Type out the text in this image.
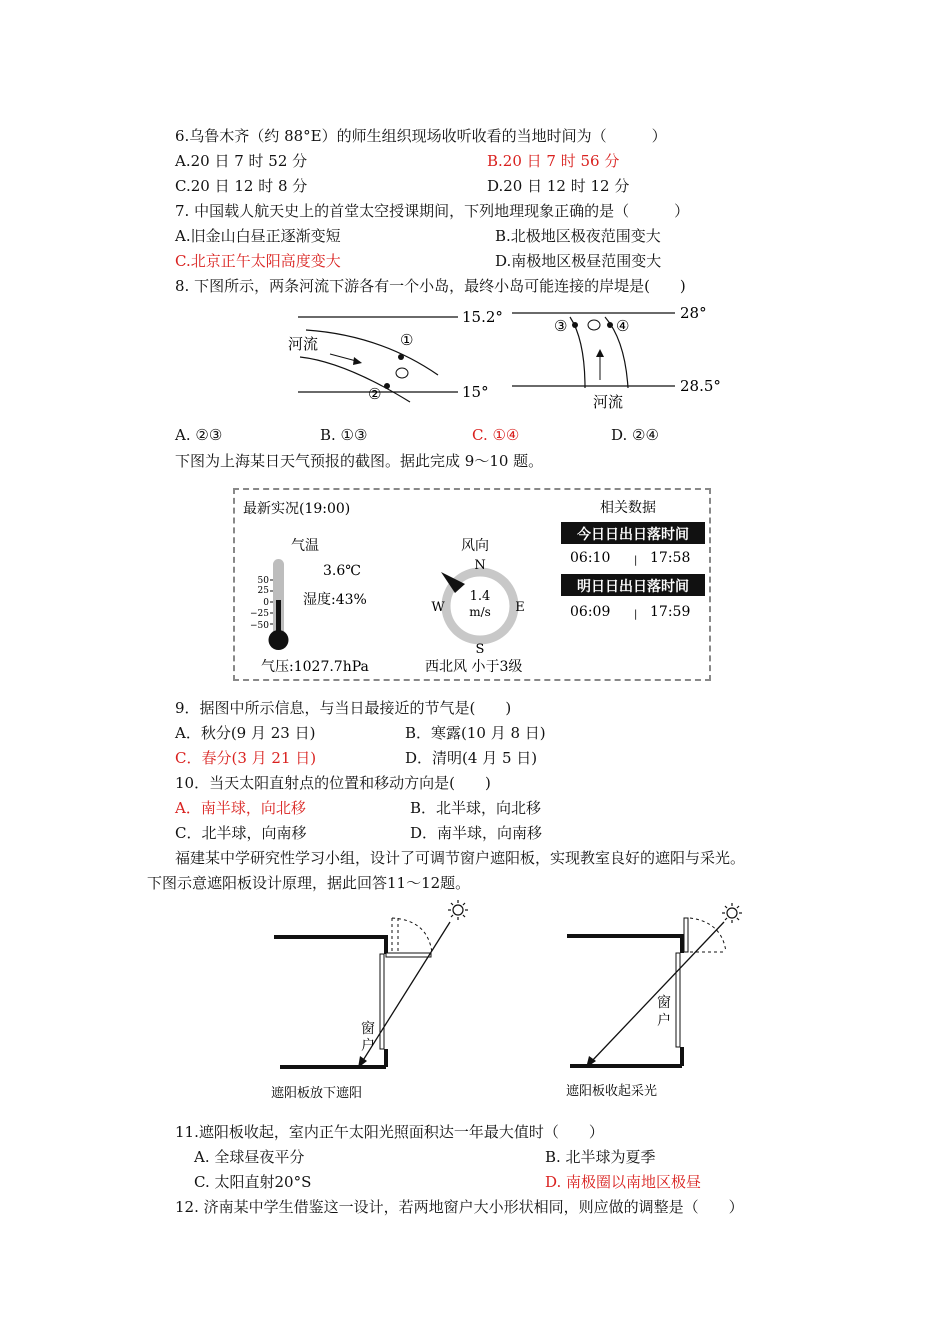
6.乌鲁木齐（约 88°E）的师生组织现场收听收看的当地时间为（　　　）
A.20 日 7 时 52 分	B.20 日 7 时 56 分
C.20 日 12 时 8 分	D.20 日 12 时 12 分
7. 中国载人航天史上的首堂太空授课期间，下列地理现象正确的是（　　　）
A.旧金山白昼正逐渐变短	B.北极地区极夜范围变大
C.北京正午太阳高度变大	D.南极地区极昼范围变大
8. 下图所示，两条河流下游各有一个小岛，最终小岛可能连接的岸堤是(　　)
15.2°
15°
河流	①
②
28°
28.5°
③	④
河流
A. ②③	B. ①③	C. ①④	D. ②④
下图为上海某日天气预报的截图。据此完成 9～10 题。
最新实况(19:00)
气温
3.6℃
湿度:43%
50
25
0
−25
−50
气压:1027.7hPa
风向
N
S
E
W
1.4
m/s
西北风 小于3级
相关数据
今日日出日落时间
06:10 | 17:58
明日日出日落时间
06:09 | 17:59
9．据图中所示信息，与当日最接近的节气是(　　)
A．秋分(9 月 23 日)	B．寒露(10 月 8 日)
C．春分(3 月 21 日)	D．清明(4 月 5 日)
10．当天太阳直射点的位置和移动方向是(　　)
A．南半球，向北移	B．北半球，向北移
C．北半球，向南移	D．南半球，向南移
福建某中学研究性学习小组，设计了可调节窗户遮阳板，实现教室良好的遮阳与采光。
下图示意遮阳板设计原理，据此回答11～12题。
窗
户
遮阳板放下遮阳
窗
户
遮阳板收起采光
11.遮阳板收起，室内正午太阳光照面积达一年最大值时（　　）
A. 全球昼夜平分	B. 北半球为夏季
C. 太阳直射20°S	D. 南极圈以南地区极昼
12. 济南某中学生借鉴这一设计，若两地窗户大小形状相同，则应做的调整是（　　）
